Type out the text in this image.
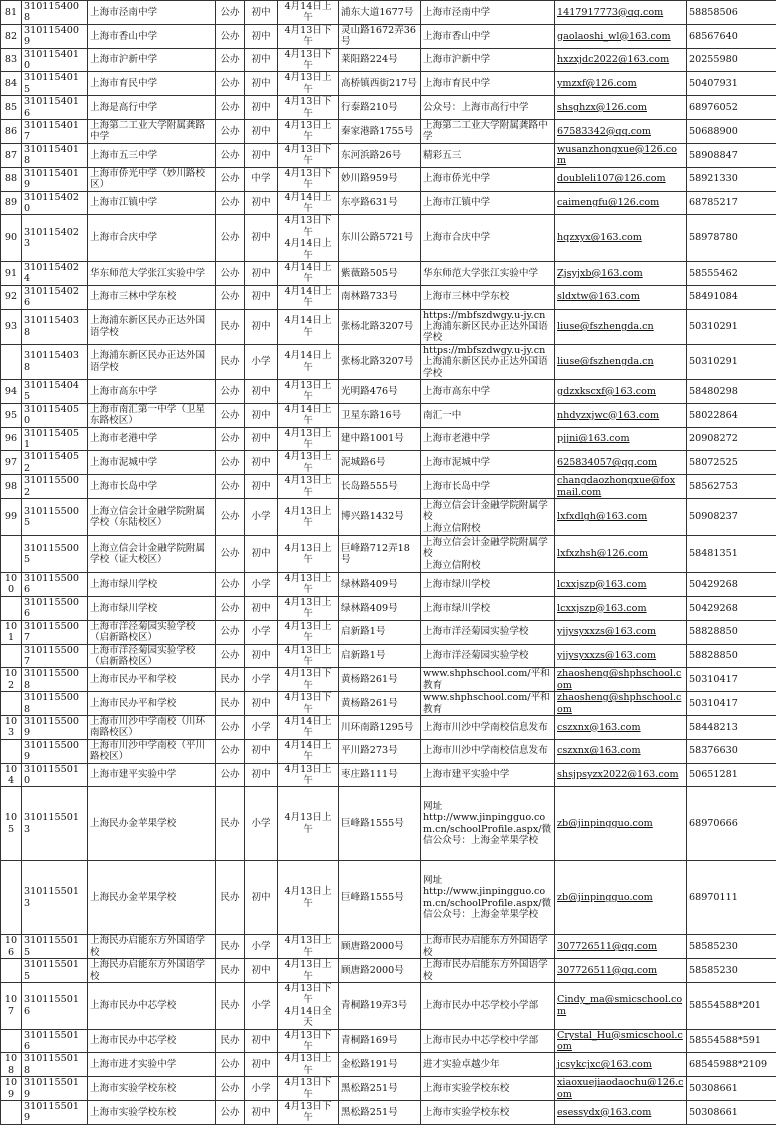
81	3101154008	上海市泾南中学	公办	初中	4月14日上午	浦东大道1677号	上海市泾南中学	1417917773@qq.com	58858506
82	3101154009	上海市香山中学	公办	初中	4月13日下午	灵山路1672弄36号	上海市香山中学	gaolaoshi_wl@163.com	68567640
83	3101154010	上海市沪新中学	公办	初中	4月13日下午	莱阳路224号	上海市沪新中学	hxzxjdc2022@163.com	20255980
84	3101154015	上海市育民中学	公办	初中	4月13日上午	高桥镇西街217号	上海市育民中学	ymzxf@126.com	50407931
85	3101154016	上海是高行中学	公办	初中	4月13日下午	行泰路210号	公众号：上海市高行中学	shsghzx@126.com	68976052
86	3101154017	上海第二工业大学附属龚路中学	公办	初中	4月13日上午	秦家港路1755号	上海第二工业大学附属龚路中学	67583342@qq.com	50688900
87	3101154018	上海市五三中学	公办	初中	4月13日下午	东河浜路26号	精彩五三	wusanzhongxue@126.com	58908847
88	3101154019	上海市侨光中学（妙川路校区）	公办	中学	4月13日下午	妙川路959号	上海市侨光中学	doubleli107@126.com	58921330
89	3101154020	上海市江镇中学	公办	初中	4月14日上午	东亭路631号	上海市江镇中学	caimengfu@126.com	68785217
90	3101154023	上海市合庆中学	公办	初中	4月13日下午
4月14日上午	东川公路5721号	上海市合庆中学	hqzxyx@163.com	58978780
91	3101154024	华东师范大学张江实验中学	公办	初中	4月14日上午	紫薇路505号	华东师范大学张江实验中学	Zjsyjxb@163.com	58555462
92	3101154026	上海市三林中学东校	公办	初中	4月14日上午	南林路733号	上海市三林中学东校	sldxtw@163.com	58491084
93	3101154038	上海浦东新区民办正达外国语学校	民办	初中	4月14日上午	张杨北路3207号	https://mbfszdwgy.u-jy.cn 上海浦东新区民办正达外国语学校	liuse@fszhengda.cn	50310291
	3101154038	上海浦东新区民办正达外国语学校	民办	小学	4月14日上午	张杨北路3207号	https://mbfszdwgy.u-jy.cn 上海浦东新区民办正达外国语学校	liuse@fszhengda.cn	50310291
94	3101154045	上海市高东中学	公办	初中	4月13日上午	光明路476号	上海市高东中学	gdzxkscxf@163.com	58480298
95	3101154050	上海市南汇第一中学（卫星东路校区）	公办	初中	4月14日上午	卫星东路16号	南汇一中	nhdyzxjwc@163.com	58022864
96	3101154051	上海市老港中学	公办	初中	4月13日上午	建中路1001号	上海市老港中学	pjjni@163.com	20908272
97	3101154052	上海市泥城中学	公办	初中	4月13日上午	泥城路6号	上海市泥城中学	625834057@qq.com	58072525
98	3101155002	上海市长岛中学	公办	初中	4月13日上午	长岛路555号	上海市长岛中学	changdaozhongxue@foxmail.com	58562753
99	3101155005	上海立信会计金融学院附属学校（东陆校区）	公办	小学	4月13日上午	博兴路1432号	上海立信会计金融学院附属学校
上海立信附校	lxfxdlgh@163.com	50908237
	3101155005	上海立信会计金融学院附属学校（证大校区）	公办	初中	4月13日上午	巨峰路712弄18号	上海立信会计金融学院附属学校
上海立信附校	lxfxzhsh@126.com	58481351
100	3101155006	上海市绿川学校	公办	小学	4月13日上午	绿林路409号	上海市绿川学校	lcxxjszp@163.com	50429268
	3101155006	上海市绿川学校	公办	初中	4月13日上午	绿林路409号	上海市绿川学校	lcxxjszp@163.com	50429268
101	3101155007	上海市洋泾菊园实验学校（启新路校区）	公办	小学	4月13日上午	启新路1号	上海市洋泾菊园实验学校	yjjysyxxzs@163.com	58828850
	3101155007	上海市洋泾菊园实验学校（启新路校区）	公办	初中	4月13日上午	启新路1号	上海市洋泾菊园实验学校	yjjysyxxzs@163.com	58828850
102	3101155008	上海市民办平和学校	民办	小学	4月13日下午	黄杨路261号	www.shphschool.com/平和教育	zhaosheng@shphschool.com	50310417
	3101155008	上海市民办平和学校	民办	初中	4月13日下午	黄杨路261号	www.shphschool.com/平和教育	zhaosheng@shphschool.com	50310417
103	3101155009	上海市川沙中学南校（川环南路校区）	公办	小学	4月14日上午	川环南路1295号	上海市川沙中学南校信息发布	cszxnx@163.com	58448213
	3101155009	上海市川沙中学南校（平川路校区）	公办	初中	4月14日上午	平川路273号	上海市川沙中学南校信息发布	cszxnx@163.com	58376630
104	3101155010	上海市建平实验中学	公办	初中	4月13日上午	枣庄路111号	上海市建平实验中学	shsjpsyzx2022@163.com	50651281
105	3101155013	上海民办金苹果学校	民办	小学	4月13日上午	巨峰路1555号	网址
http://www.jinpingguo.com.cn/schoolProfile.aspx/微信公众号：上海金苹果学校	zb@jinpingguo.com	68970666
	3101155013	上海民办金苹果学校	民办	初中	4月13日上午	巨峰路1555号	网址
http://www.jinpingguo.com.cn/schoolProfile.aspx/微信公众号：上海金苹果学校	zb@jinpingguo.com	68970111
106	3101155015	上海民办启能东方外国语学校	民办	小学	4月13日上午	顾唐路2000号	上海市民办启能东方外国语学校	307726511@qq.com	58585230
	3101155015	上海民办启能东方外国语学校	民办	初中	4月13日上午	顾唐路2000号	上海市民办启能东方外国语学校	307726511@qq.com	58585230
107	3101155016	上海市民办中芯学校	民办	小学	4月13日下午
4月14日全天	青桐路19弄3号	上海市民办中芯学校小学部	Cindy_ma@smicschool.com	58554588*201
	3101155016	上海市民办中芯学校	民办	初中	4月13日下午	青桐路169号	上海市民办中芯学校中学部	Crystal_Hu@smicschool.com	58554588*591
108	3101155018	上海市进才实验中学	公办	初中	4月13日上午	金松路191号	进才实验卓越少年	jcsykcjxc@163.com	68545988*2109
109	3101155019	上海市实验学校东校	公办	小学	4月13日下午	黑松路251号	上海市实验学校东校	xiaoxuejiaodaochu@126.com	50308661
	3101155019	上海市实验学校东校	公办	初中	4月13日下午	黑松路251号	上海市实验学校东校	esessydx@163.com	50308661
